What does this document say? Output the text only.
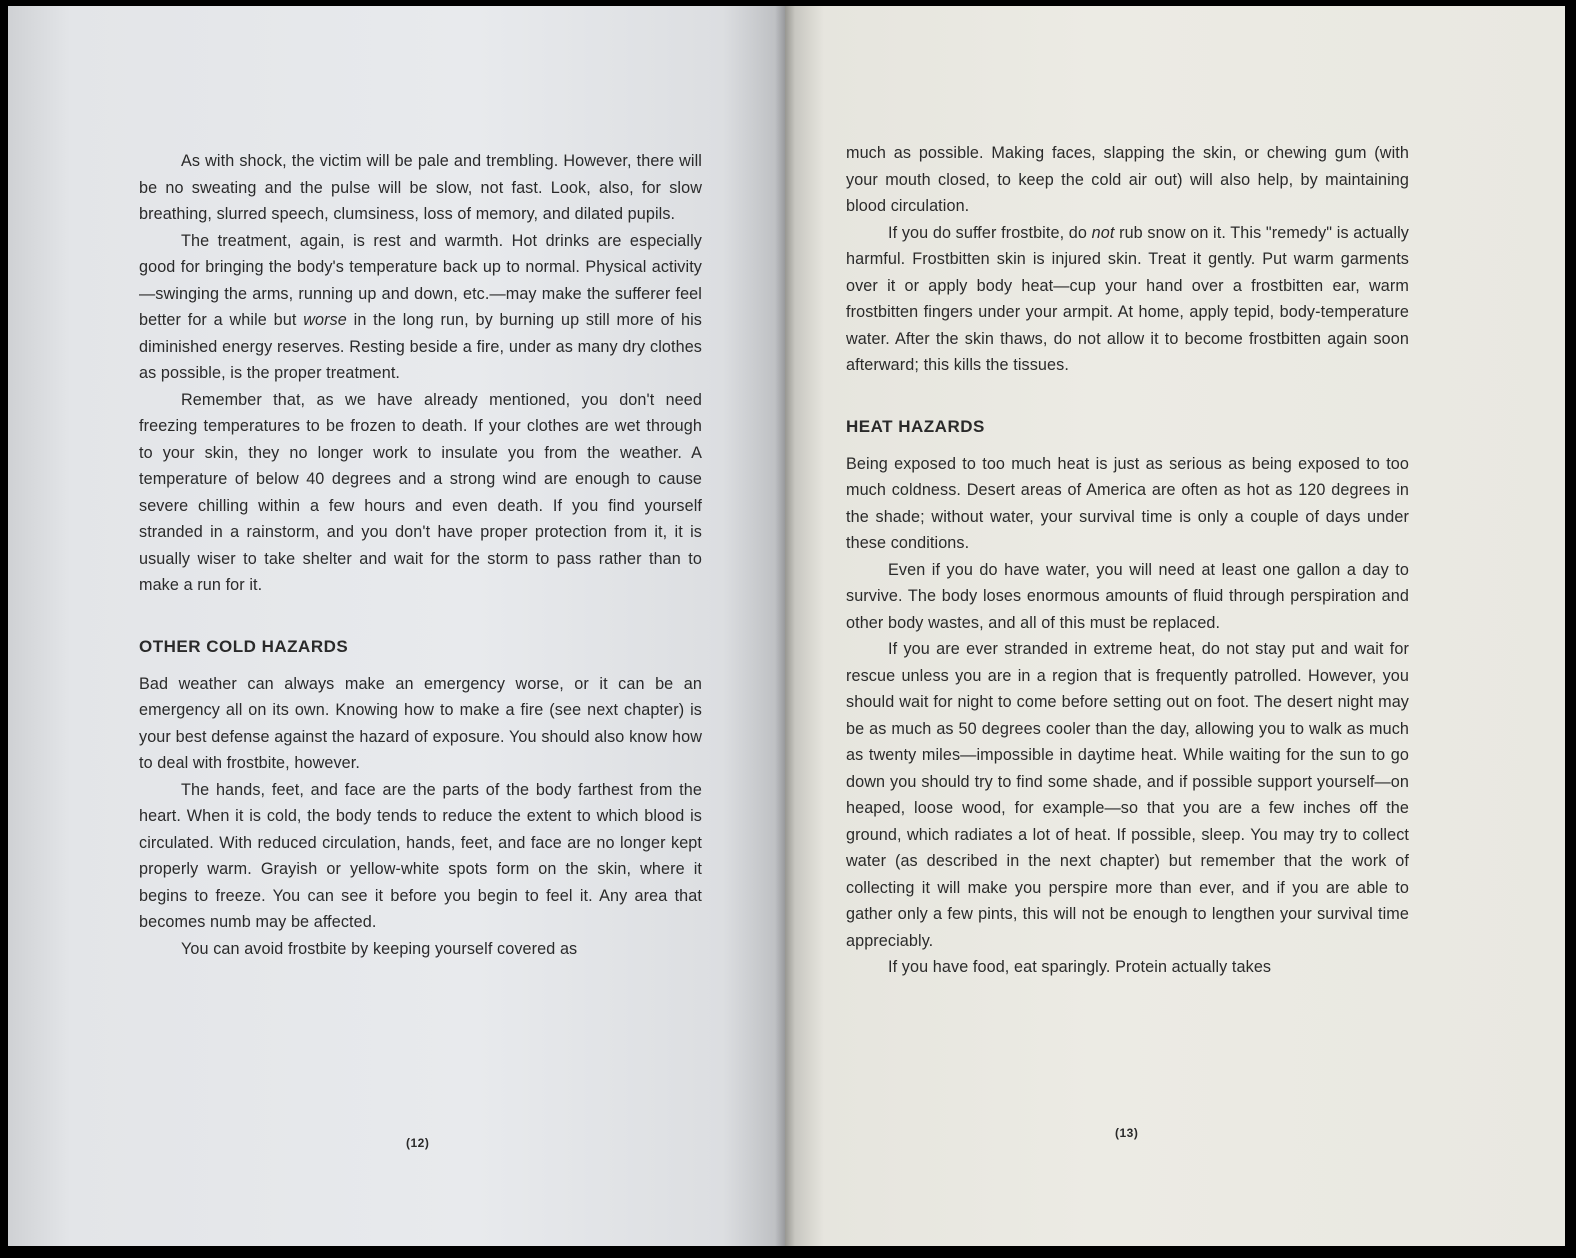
As with shock, the victim will be pale and trembling. However, there will be no sweating and the pulse will be slow, not fast. Look, also, for slow breathing, slurred speech, clumsiness, loss of memory, and dilated pupils.

The treatment, again, is rest and warmth. Hot drinks are especially good for bringing the body's temperature back up to normal. Physical activity—swinging the arms, running up and down, etc.—may make the sufferer feel better for a while but worse in the long run, by burning up still more of his diminished energy reserves. Resting beside a fire, under as many dry clothes as possible, is the proper treatment.

Remember that, as we have already mentioned, you don't need freezing temperatures to be frozen to death. If your clothes are wet through to your skin, they no longer work to insulate you from the weather. A temperature of below 40 degrees and a strong wind are enough to cause severe chilling within a few hours and even death. If you find yourself stranded in a rainstorm, and you don't have proper protection from it, it is usually wiser to take shelter and wait for the storm to pass rather than to make a run for it.

OTHER COLD HAZARDS

Bad weather can always make an emergency worse, or it can be an emergency all on its own. Knowing how to make a fire (see next chapter) is your best defense against the hazard of exposure. You should also know how to deal with frostbite, however.

The hands, feet, and face are the parts of the body farthest from the heart. When it is cold, the body tends to reduce the extent to which blood is circulated. With reduced circulation, hands, feet, and face are no longer kept properly warm. Grayish or yellow-white spots form on the skin, where it begins to freeze. You can see it before you begin to feel it. Any area that becomes numb may be affected.

You can avoid frostbite by keeping yourself covered as

(12)

much as possible. Making faces, slapping the skin, or chewing gum (with your mouth closed, to keep the cold air out) will also help, by maintaining blood circulation.

If you do suffer frostbite, do not rub snow on it. This "remedy" is actually harmful. Frostbitten skin is injured skin. Treat it gently. Put warm garments over it or apply body heat—cup your hand over a frostbitten ear, warm frostbitten fingers under your armpit. At home, apply tepid, body-temperature water. After the skin thaws, do not allow it to become frostbitten again soon afterward; this kills the tissues.

HEAT HAZARDS

Being exposed to too much heat is just as serious as being exposed to too much coldness. Desert areas of America are often as hot as 120 degrees in the shade; without water, your survival time is only a couple of days under these conditions.

Even if you do have water, you will need at least one gallon a day to survive. The body loses enormous amounts of fluid through perspiration and other body wastes, and all of this must be replaced.

If you are ever stranded in extreme heat, do not stay put and wait for rescue unless you are in a region that is frequently patrolled. However, you should wait for night to come before setting out on foot. The desert night may be as much as 50 degrees cooler than the day, allowing you to walk as much as twenty miles—impossible in daytime heat. While waiting for the sun to go down you should try to find some shade, and if possible support yourself—on heaped, loose wood, for example—so that you are a few inches off the ground, which radiates a lot of heat. If possible, sleep. You may try to collect water (as described in the next chapter) but remember that the work of collecting it will make you perspire more than ever, and if you are able to gather only a few pints, this will not be enough to lengthen your survival time appreciably.

If you have food, eat sparingly. Protein actually takes

(13)
